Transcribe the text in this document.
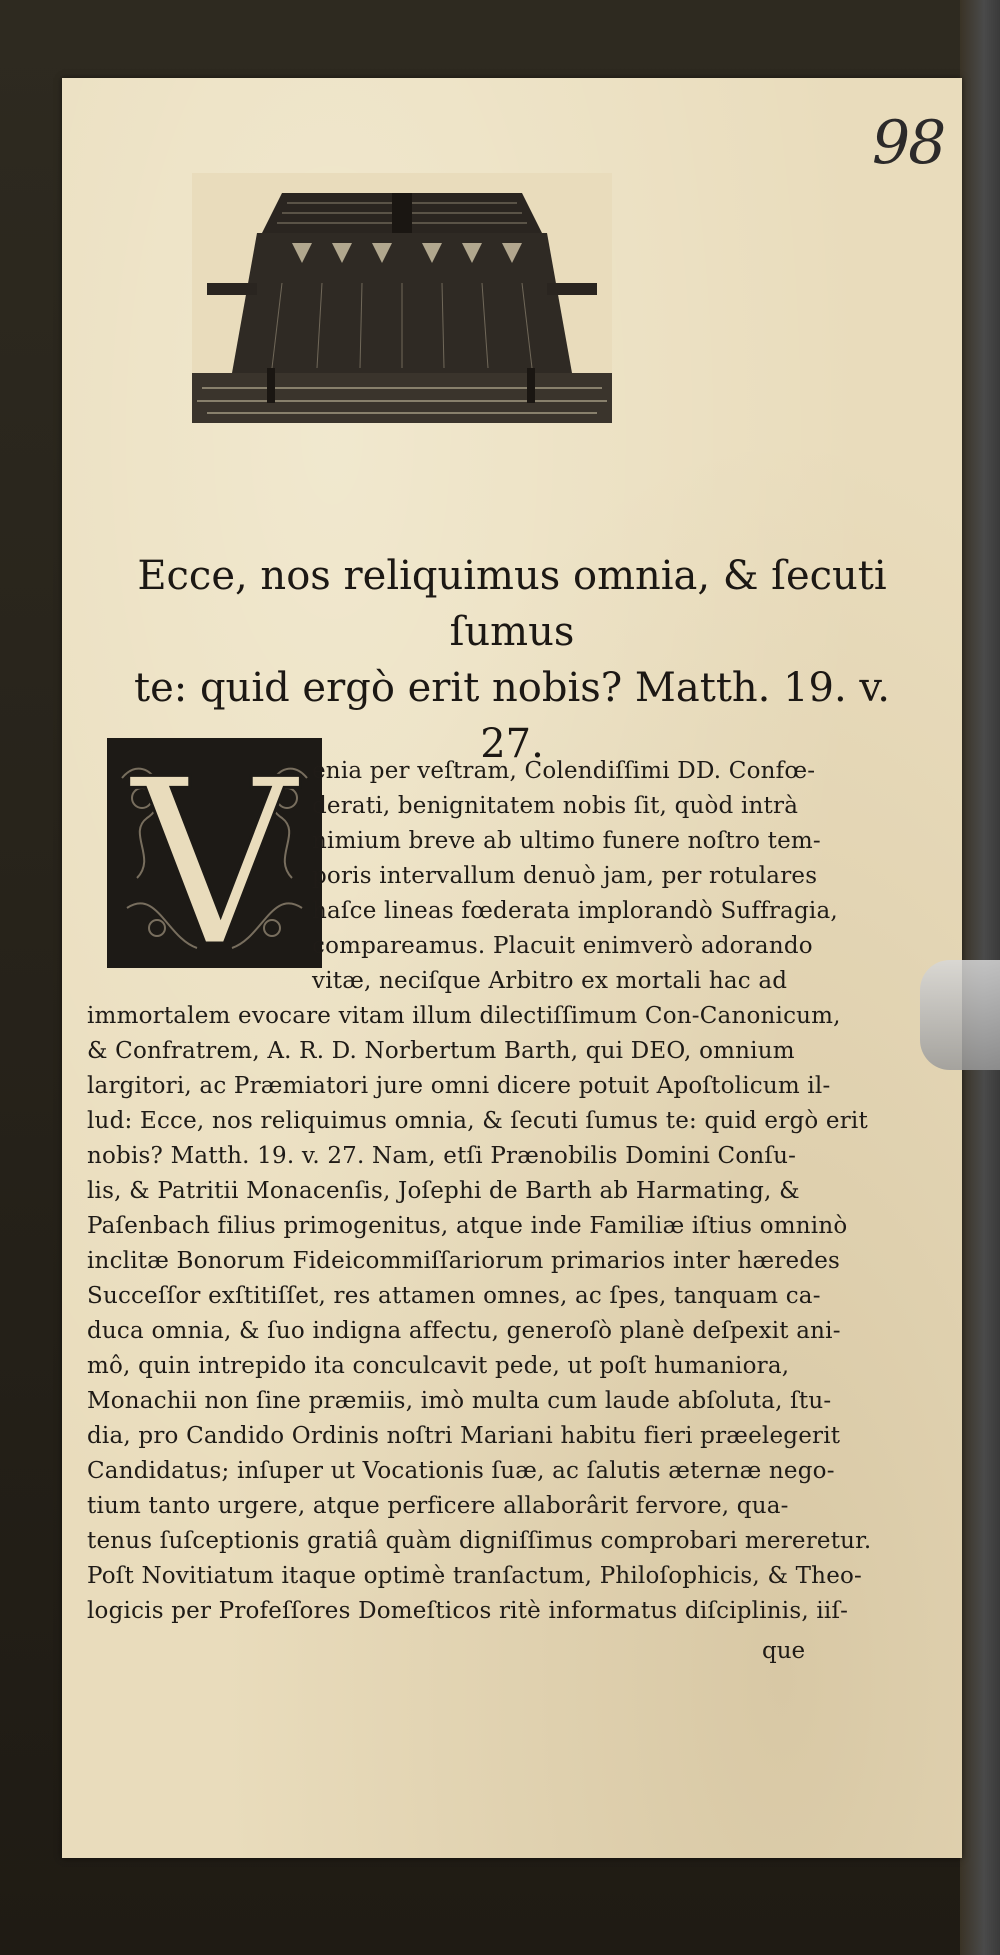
98
Ecce, nos reliquimus omnia, & ſecuti ſumus
te: quid ergò erit nobis? Matth. 19. v. 27.
V enia per veſtram, Colendiſſimi DD. Confœ-
derati, benignitatem nobis ſit, quòd intrà
nimium breve ab ultimo funere noſtro tem-
poris intervallum denuò jam, per rotulares
haſce lineas fœderata implorandò Suffragia,
compareamus. Placuit enimverò adorando
vitæ, neciſque Arbitro ex mortali hac ad
immortalem evocare vitam illum dilectiſſimum Con-Canonicum,
& Confratrem, A. R. D. Norbertum Barth, qui DEO, omnium
largitori, ac Præmiatori jure omni dicere potuit Apoſtolicum il-
lud: Ecce, nos reliquimus omnia, & ſecuti ſumus te: quid ergò erit
nobis? Matth. 19. v. 27. Nam, etſi Prænobilis Domini Conſu-
lis, & Patritii Monacenſis, Joſephi de Barth ab Harmating, &
Paſenbach filius primogenitus, atque inde Familiæ iſtius omninò
inclitæ Bonorum Fideicommiſſariorum primarios inter hæredes
Succeſſor exſtitiſſet, res attamen omnes, ac ſpes, tanquam ca-
duca omnia, & ſuo indigna affectu, generoſò planè deſpexit ani-
mô, quin intrepido ita conculcavit pede, ut poſt humaniora,
Monachii non ſine præmiis, imò multa cum laude abſoluta, ſtu-
dia, pro Candido Ordinis noſtri Mariani habitu fieri præelegerit
Candidatus; inſuper ut Vocationis ſuæ, ac ſalutis æternæ nego-
tium tanto urgere, atque perficere allaborârit fervore, qua-
tenus ſuſceptionis gratiâ quàm digniſſimus comprobari mereretur.
Poſt Novitiatum itaque optimè tranſactum, Philoſophicis, & Theo-
logicis per Profeſſores Domeſticos ritè informatus diſciplinis, iiſ-
que
